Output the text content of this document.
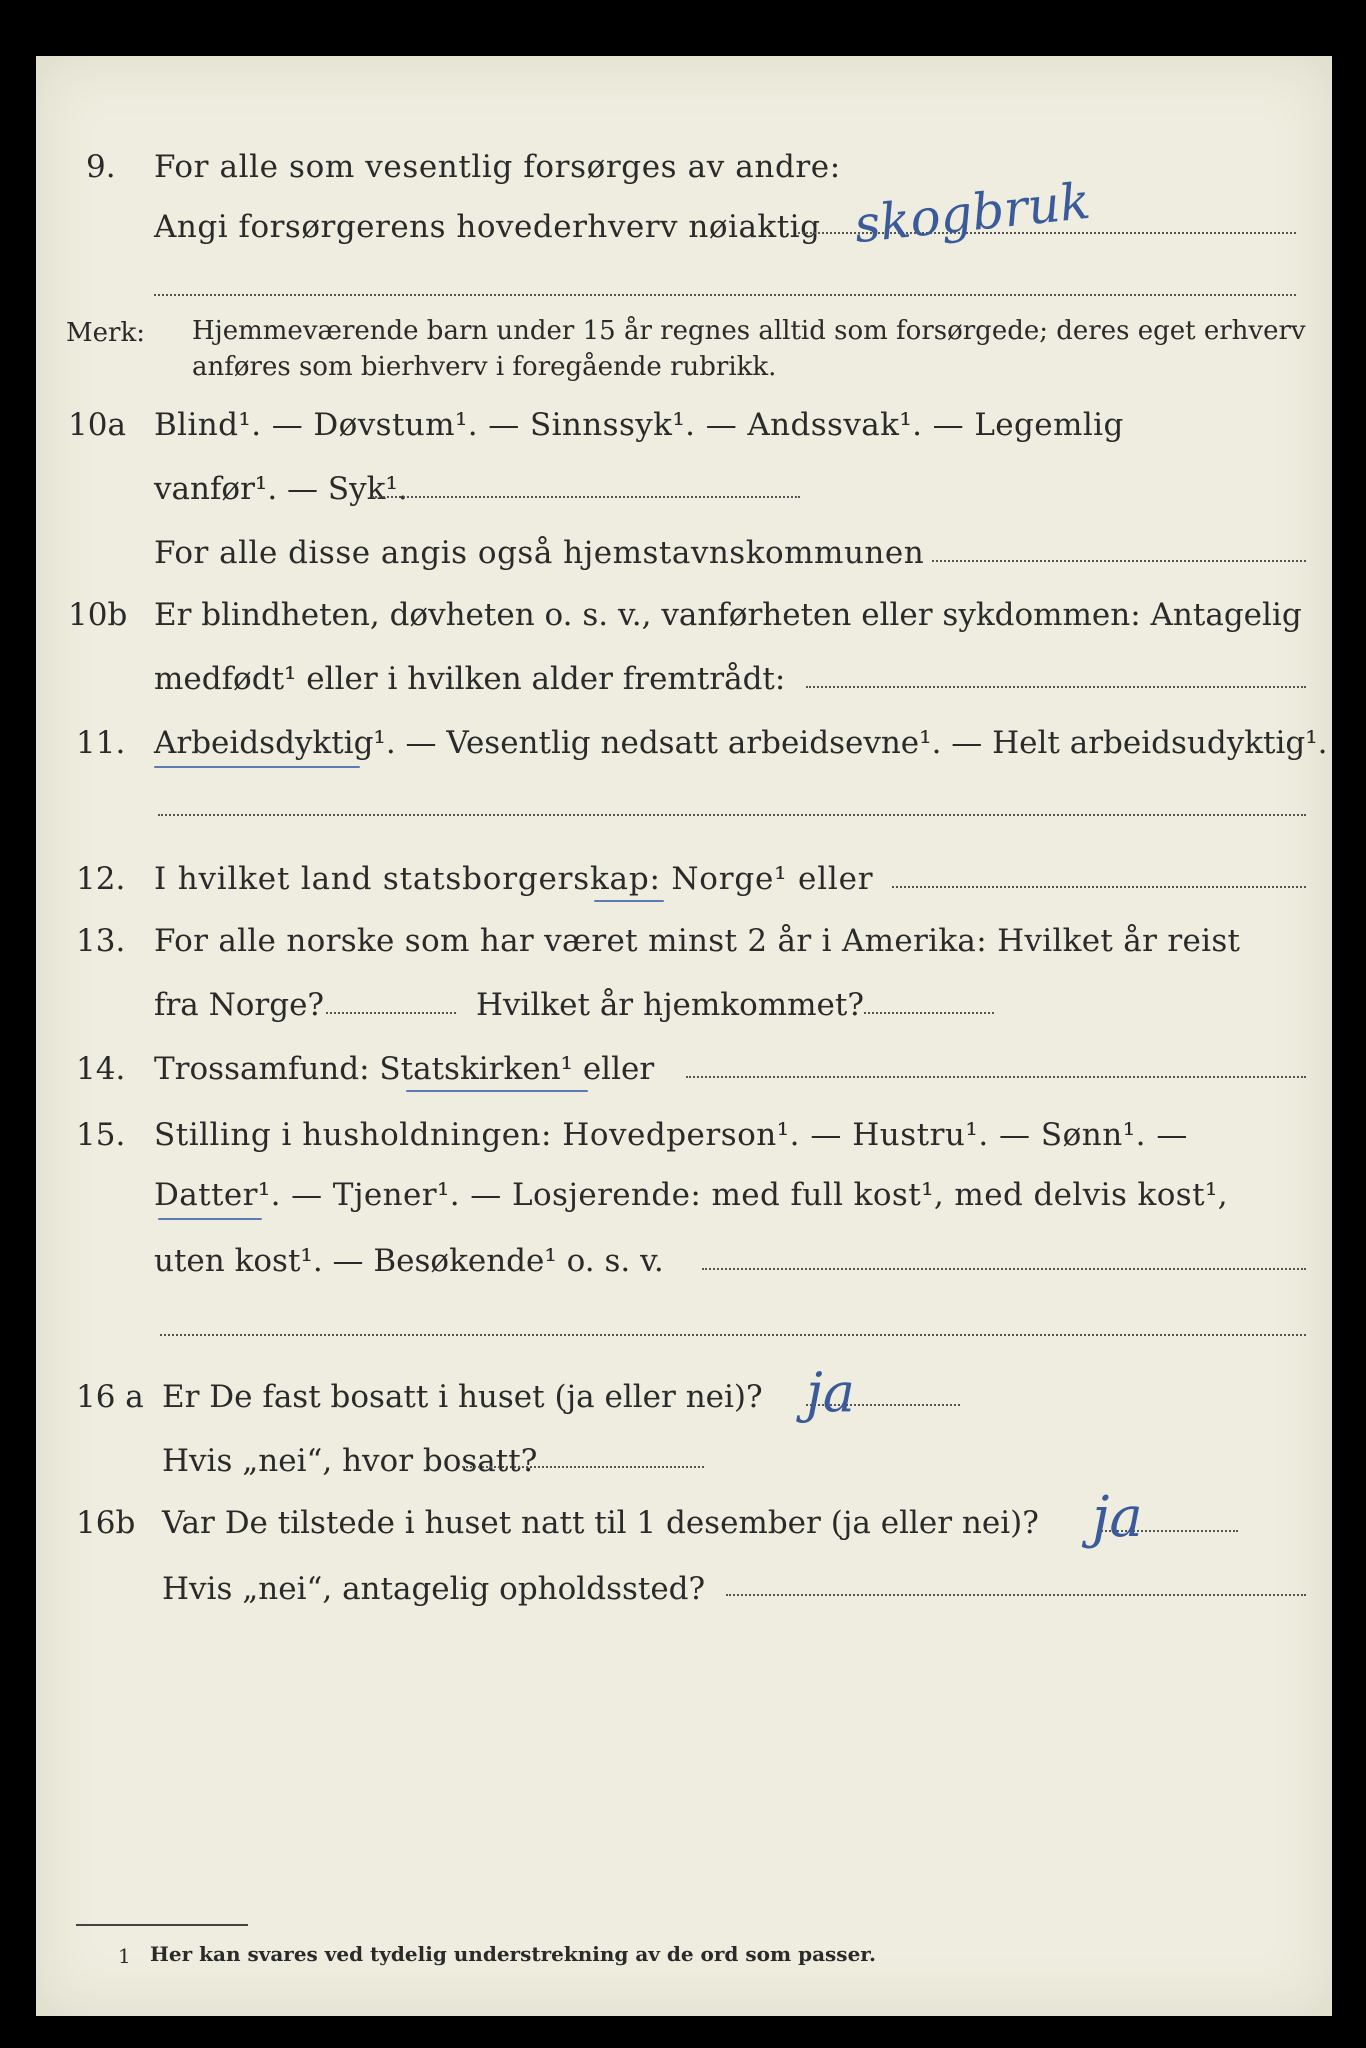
9. For alle som vesentlig forsørges av andre:
Angi forsørgerens hovederhverv nøiaktig skogbruk
Merk: Hjemmeværende barn under 15 år regnes alltid som forsørgede; deres eget erhverv
anføres som bierhverv i foregående rubrikk.
10a Blind¹. — Døvstum¹. — Sinnssyk¹. — Andssvak¹. — Legemlig
vanfør¹. — Syk¹.
For alle disse angis også hjemstavnskommunen
10b Er blindheten, døvheten o. s. v., vanførheten eller sykdommen: Antagelig
medfødt¹ eller i hvilken alder fremtrådt:
11. Arbeidsdyktig¹. — Vesentlig nedsatt arbeidsevne¹. — Helt arbeidsudyktig¹.
12. I hvilket land statsborgerskap: Norge¹ eller
13. For alle norske som har været minst 2 år i Amerika: Hvilket år reist
fra Norge?	Hvilket år hjemkommet?
14. Trossamfund: Statskirken¹ eller
15. Stilling i husholdningen: Hovedperson¹. — Hustru¹. — Sønn¹. —
Datter¹. — Tjener¹. — Losjerende: med full kost¹, med delvis kost¹,
uten kost¹. — Besøkende¹ o. s. v.
16 a Er De fast bosatt i huset (ja eller nei)? ja
Hvis „nei“, hvor bosatt?
16b Var De tilstede i huset natt til 1 desember (ja eller nei)? ja
Hvis „nei“, antagelig opholdssted?
1 Her kan svares ved tydelig understrekning av de ord som passer.
